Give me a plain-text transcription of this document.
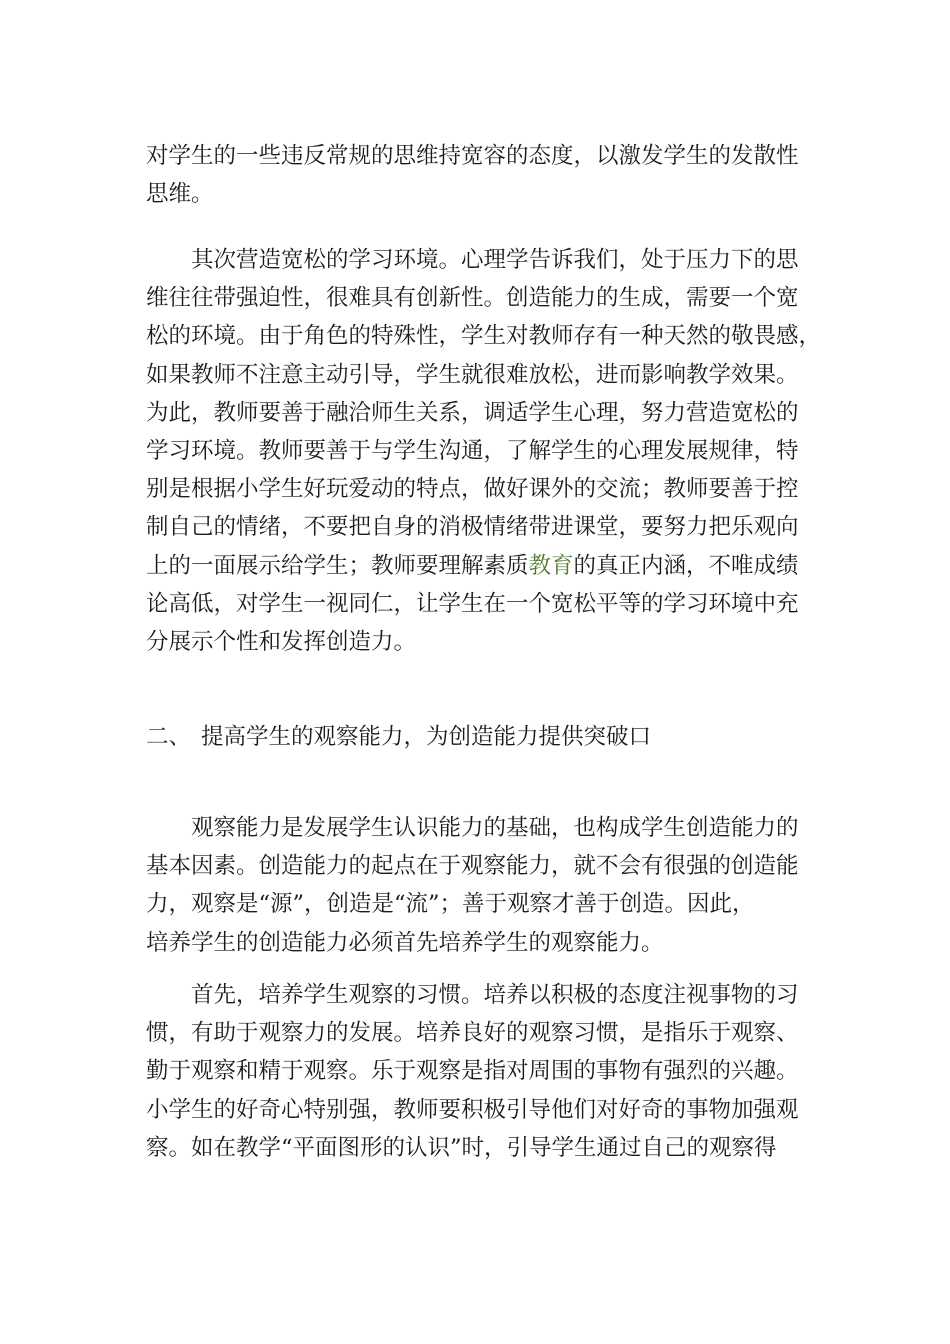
对学生的一些违反常规的思维持宽容的态度，以激发学生的发散性
思维。
其次营造宽松的学习环境。心理学告诉我们，处于压力下的思
维往往带强迫性，很难具有创新性。创造能力的生成，需要一个宽
松的环境。由于角色的特殊性，学生对教师存有一种天然的敬畏感，
如果教师不注意主动引导，学生就很难放松，进而影响教学效果。
为此，教师要善于融洽师生关系，调适学生心理，努力营造宽松的
学习环境。教师要善于与学生沟通，了解学生的心理发展规律，特
别是根据小学生好玩爱动的特点，做好课外的交流；教师要善于控
制自己的情绪，不要把自身的消极情绪带进课堂，要努力把乐观向
上的一面展示给学生；教师要理解素质教育的真正内涵，不唯成绩
论高低，对学生一视同仁，让学生在一个宽松平等的学习环境中充
分展示个性和发挥创造力。
二、 提高学生的观察能力，为创造能力提供突破口
观察能力是发展学生认识能力的基础，也构成学生创造能力的
基本因素。创造能力的起点在于观察能力，就不会有很强的创造能
力，观察是“源”，创造是“流”；善于观察才善于创造。因此，
培养学生的创造能力必须首先培养学生的观察能力。
首先，培养学生观察的习惯。培养以积极的态度注视事物的习
惯，有助于观察力的发展。培养良好的观察习惯，是指乐于观察、
勤于观察和精于观察。乐于观察是指对周围的事物有强烈的兴趣。
小学生的好奇心特别强，教师要积极引导他们对好奇的事物加强观
察。如在教学“平面图形的认识”时，引导学生通过自己的观察得
